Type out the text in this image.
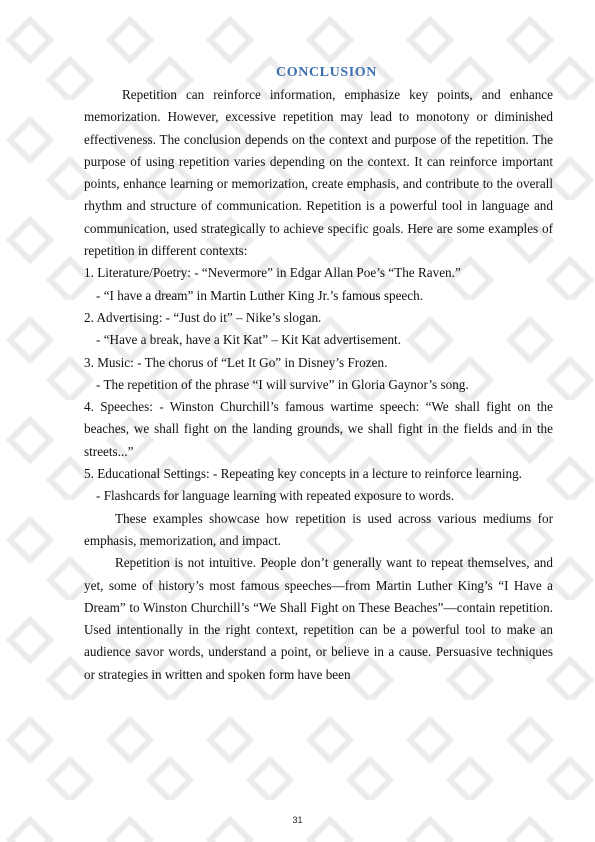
CONCLUSION

Repetition can reinforce information, emphasize key points, and enhance memorization. However, excessive repetition may lead to monotony or diminished effectiveness. The conclusion depends on the context and purpose of the repetition. The purpose of using repetition varies depending on the context. It can reinforce important points, enhance learning or memorization, create emphasis, and contribute to the overall rhythm and structure of communication. Repetition is a powerful tool in language and communication, used strategically to achieve specific goals. Here are some examples of repetition in different contexts:

1. Literature/Poetry: - “Nevermore” in Edgar Allan Poe’s “The Raven.”

- “I have a dream” in Martin Luther King Jr.’s famous speech.

2. Advertising: - “Just do it” – Nike’s slogan.

- “Have a break, have a Kit Kat” – Kit Kat advertisement.

3. Music: - The chorus of “Let It Go” in Disney’s Frozen.

- The repetition of the phrase “I will survive” in Gloria Gaynor’s song.

4. Speeches: - Winston Churchill’s famous wartime speech: “We shall fight on the beaches, we shall fight on the landing grounds, we shall fight in the fields and in the streets...”

5. Educational Settings: - Repeating key concepts in a lecture to reinforce learning.

- Flashcards for language learning with repeated exposure to words.

These examples showcase how repetition is used across various mediums for emphasis, memorization, and impact.

Repetition is not intuitive. People don’t generally want to repeat themselves, and yet, some of history’s most famous speeches—from Martin Luther King’s “I Have a Dream” to Winston Churchill’s “We Shall Fight on These Beaches”—contain repetition. Used intentionally in the right context, repetition can be a powerful tool to make an audience savor words, understand a point, or believe in a cause. Persuasive techniques or strategies in written and spoken form have been

31
